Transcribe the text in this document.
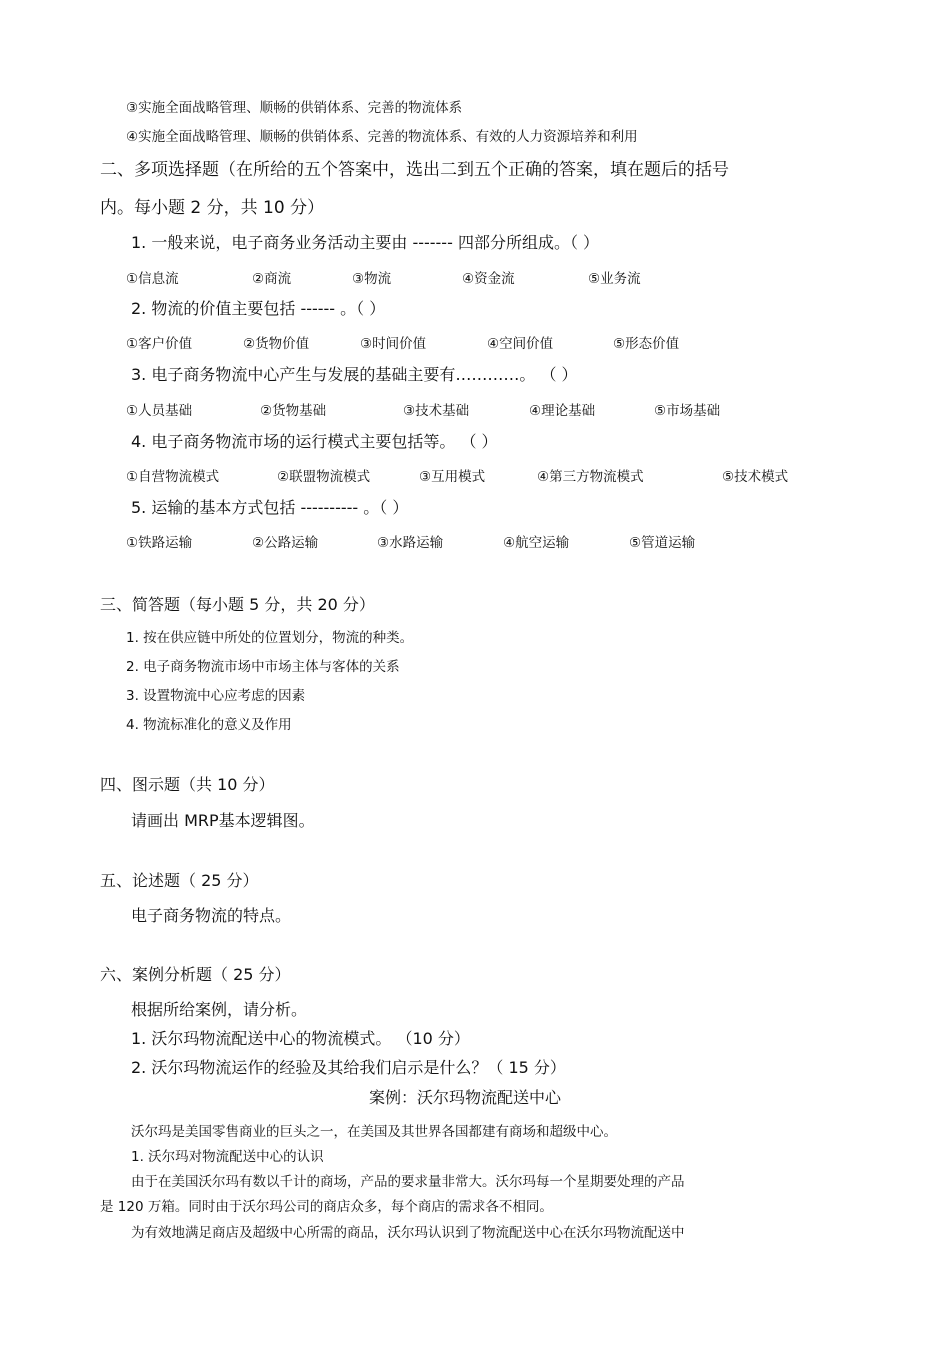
③实施全面战略管理、顺畅的供销体系、完善的物流体系
④实施全面战略管理、顺畅的供销体系、完善的物流体系、有效的人力资源培养和利用
二、多项选择题（在所给的五个答案中，选出二到五个正确的答案，填在题后的括号
内。每小题 2 分，共 10 分）
1. 一般来说，电子商务业务活动主要由 ------- 四部分所组成。（ ）
①信息流	②商流	③物流	④资金流	⑤业务流
2. 物流的价值主要包括 ------ 。（ ）
①客户价值	②货物价值	③时间价值	④空间价值	⑤形态价值
3. 电子商务物流中心产生与发展的基础主要有…………。 （ ）
①人员基础	②货物基础	③技术基础	④理论基础	⑤市场基础
4. 电子商务物流市场的运行模式主要包括等。 （ ）
①自营物流模式	②联盟物流模式	③互用模式	④第三方物流模式	⑤技术模式
5. 运输的基本方式包括 ---------- 。（ ）
①铁路运输	②公路运输	③水路运输	④航空运输	⑤管道运输
三、简答题（每小题 5 分，共 20 分）
1. 按在供应链中所处的位置划分，物流的种类。
2. 电子商务物流市场中市场主体与客体的关系
3. 设置物流中心应考虑的因素
4. 物流标准化的意义及作用
四、图示题（共 10 分）
请画出 MRP基本逻辑图。
五、论述题（ 25 分）
电子商务物流的特点。
六、案例分析题（ 25 分）
根据所给案例，请分析。
1. 沃尔玛物流配送中心的物流模式。 （10 分）
2. 沃尔玛物流运作的经验及其给我们启示是什么？（ 15 分）
案例：沃尔玛物流配送中心
沃尔玛是美国零售商业的巨头之一，在美国及其世界各国都建有商场和超级中心。
1. 沃尔玛对物流配送中心的认识
由于在美国沃尔玛有数以千计的商场，产品的要求量非常大。沃尔玛每一个星期要处理的产品
是 120 万箱。同时由于沃尔玛公司的商店众多，每个商店的需求各不相同。
为有效地满足商店及超级中心所需的商品，沃尔玛认识到了物流配送中心在沃尔玛物流配送中
